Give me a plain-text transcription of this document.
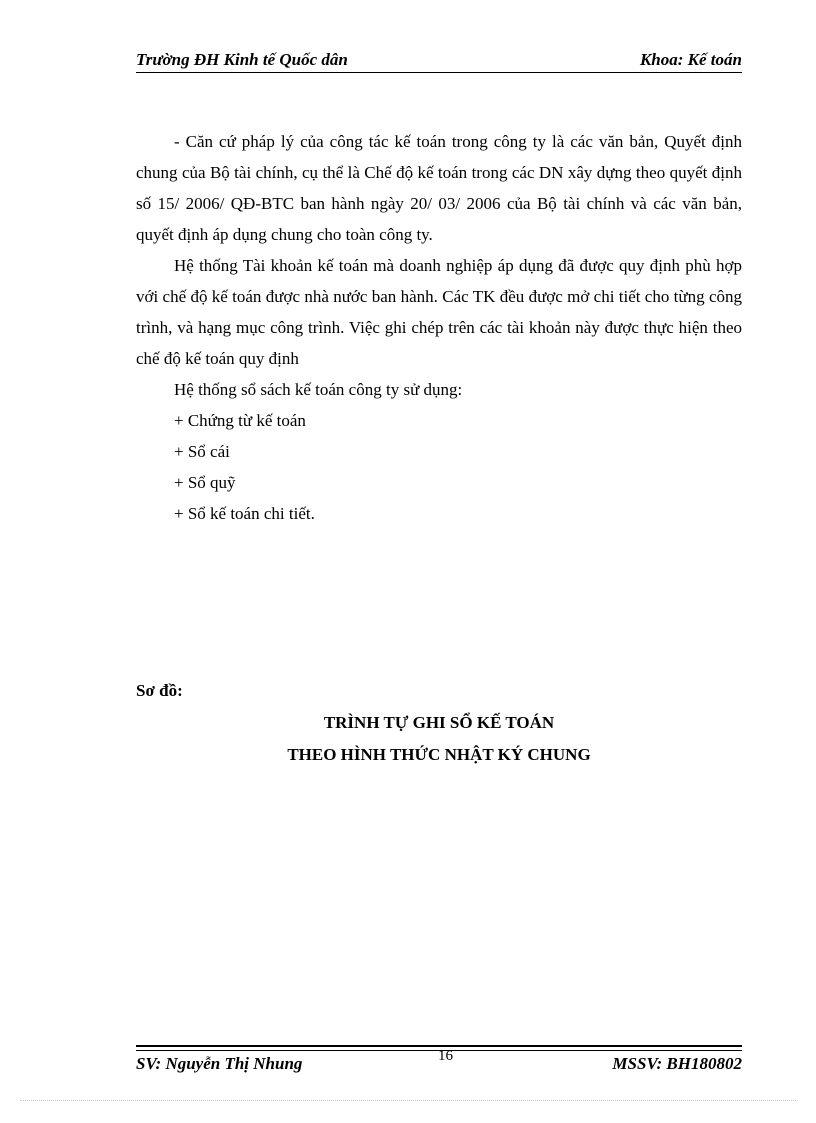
Trường ĐH Kinh tế Quốc dân	Khoa: Kế toán

- Căn cứ pháp lý của công tác kế toán trong công ty là các văn bản, Quyết định chung của Bộ tài chính, cụ thể là Chế độ kế toán trong các DN xây dựng theo quyết định số 15/ 2006/ QĐ-BTC ban hành ngày 20/ 03/ 2006 của Bộ tài chính và các văn bản, quyết định áp dụng chung cho toàn công ty.

Hệ thống Tài khoản kế toán mà doanh nghiệp áp dụng đã được quy định phù hợp với chế độ kế toán được nhà nước ban hành. Các TK đều được mở chi tiết cho từng công trình, và hạng mục công trình. Việc ghi chép trên các tài khoản này được thực hiện theo chế độ kế toán quy định

Hệ thống sổ sách kế toán công ty sử dụng:

+ Chứng từ kế toán

+ Sổ cái

+ Sổ quỹ

+ Sổ kế toán chi tiết.

Sơ đồ:
TRÌNH TỰ GHI SỔ KẾ TOÁN
THEO HÌNH THỨC NHẬT KÝ CHUNG
SV: Nguyễn Thị Nhung	16	MSSV: BH180802
